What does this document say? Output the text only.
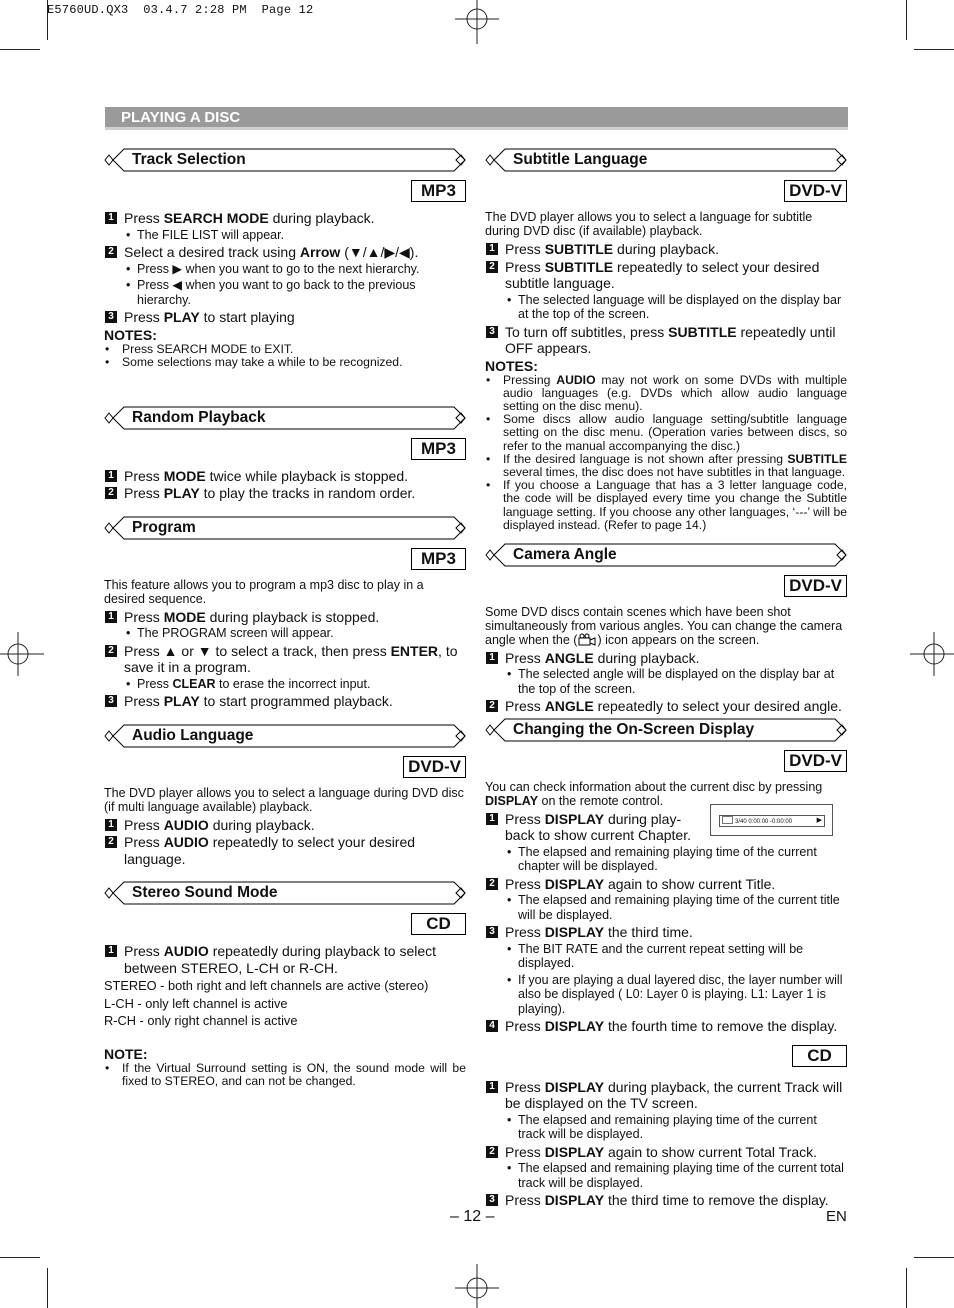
E5760UD.QX3  03.4.7 2:28 PM  Page 12
PLAYING A DISC
Track Selection
MP3
1 Press SEARCH MODE during playback.
• The FILE LIST will appear.
2 Select a desired track using Arrow (▼/▲/▶/◀).
• Press ▶ when you want to go to the next hierarchy.
• Press ◀ when you want to go back to the previous hierarchy.
3 Press PLAY to start playing
NOTES:
• Press SEARCH MODE to EXIT.
• Some selections may take a while to be recognized.
Random Playback
MP3
1 Press MODE twice while playback is stopped.
2 Press PLAY to play the tracks in random order.
Program
MP3
This feature allows you to program a mp3 disc to play in a desired sequence.
1 Press MODE during playback is stopped.
• The PROGRAM screen will appear.
2 Press ▲ or ▼ to select a track, then press ENTER, to save it in a program.
• Press CLEAR to erase the incorrect input.
3 Press PLAY to start programmed playback.
Audio Language
DVD-V
The DVD player allows you to select a language during DVD disc (if multi language available) playback.
1 Press AUDIO during playback.
2 Press AUDIO repeatedly to select your desired language.
Stereo Sound Mode
CD
1 Press AUDIO repeatedly during playback to select between STEREO, L-CH or R-CH.
STEREO - both right and left channels are active (stereo)
L-CH - only left channel is active
R-CH - only right channel is active
NOTE:
• If the Virtual Surround setting is ON, the sound mode will be fixed to STEREO, and can not be changed.
Subtitle Language
DVD-V
The DVD player allows you to select a language for subtitle during DVD disc (if available) playback.
1 Press SUBTITLE during playback.
2 Press SUBTITLE repeatedly to select your desired subtitle language.
• The selected language will be displayed on the display bar at the top of the screen.
3 To turn off subtitles, press SUBTITLE repeatedly until OFF appears.
NOTES:
• Pressing AUDIO may not work on some DVDs with multiple audio languages (e.g. DVDs which allow audio language setting on the disc menu).
• Some discs allow audio language setting/subtitle language setting on the disc menu. (Operation varies between discs, so refer to the manual accompanying the disc.)
• If the desired language is not shown after pressing SUBTITLE several times, the disc does not have subtitles in that language.
• If you choose a Language that has a 3 letter language code, the code will be displayed every time you change the Subtitle language setting. If you choose any other languages, ‘---’ will be displayed instead. (Refer to page 14.)
Camera Angle
DVD-V
Some DVD discs contain scenes which have been shot simultaneously from various angles. You can change the camera angle when the ( ) icon appears on the screen.
1 Press ANGLE during playback.
• The selected angle will be displayed on the display bar at the top of the screen.
2 Press ANGLE repeatedly to select your desired angle.
Changing the On-Screen Display
DVD-V
You can check information about the current disc by pressing DISPLAY on the remote control.
1 Press DISPLAY during play-back to show current Chapter.
• The elapsed and remaining playing time of the current chapter will be displayed.
2 Press DISPLAY again to show current Title.
• The elapsed and remaining playing time of the current title will be displayed.
3 Press DISPLAY the third time.
• The BIT RATE and the current repeat setting will be displayed.
• If you are playing a dual layered disc, the layer number will also be displayed ( L0: Layer 0 is playing. L1: Layer 1 is playing).
4 Press DISPLAY the fourth time to remove the display.
CD
1 Press DISPLAY during playback, the current Track will be displayed on the TV screen.
• The elapsed and remaining playing time of the current track will be displayed.
2 Press DISPLAY again to show current Total Track.
• The elapsed and remaining playing time of the current total track will be displayed.
3 Press DISPLAY the third time to remove the display.
3/40 0:00:00 -0:00:00	▶
– 12 –	EN
